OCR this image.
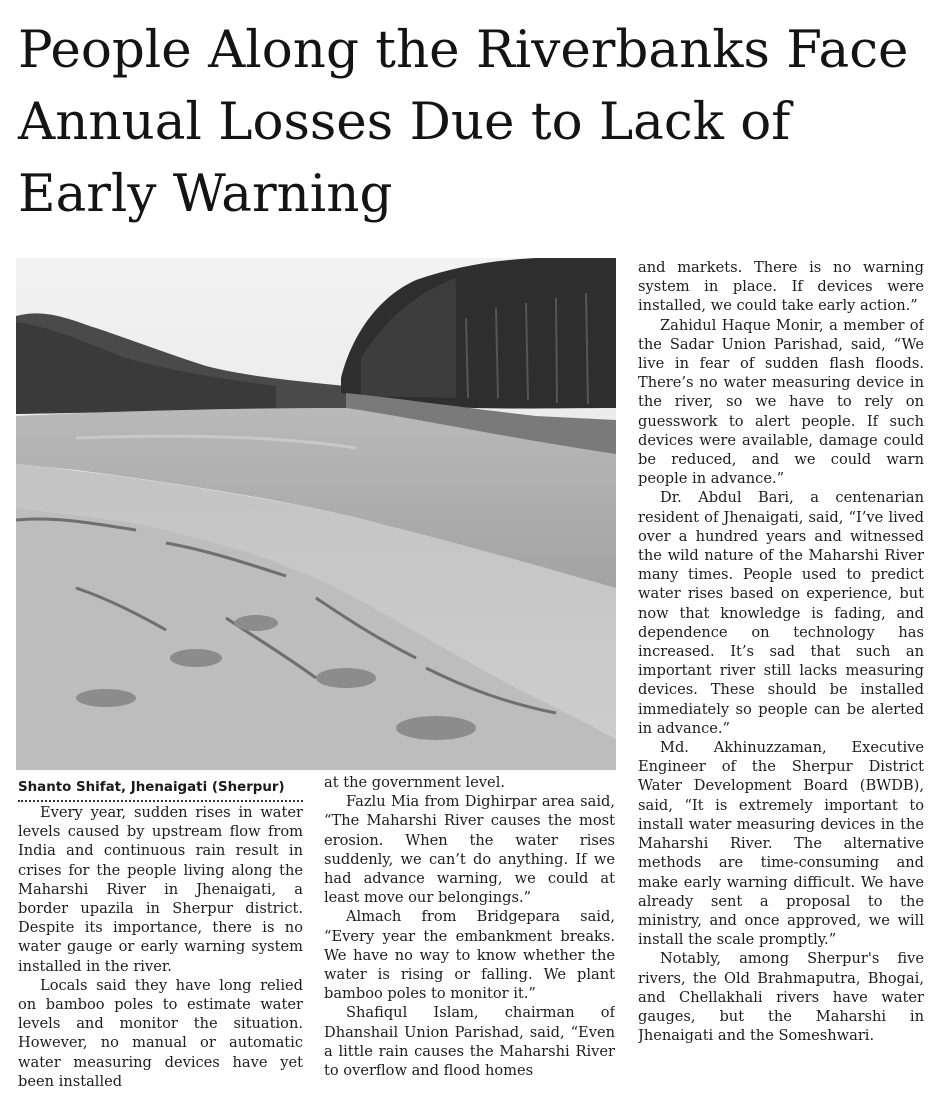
People Along the Riverbanks Face Annual Losses Due to Lack of Early Warning
Shanto Shifat, Jhenaigati (Sherpur)

Every year, sudden rises in water levels caused by upstream flow from India and continuous rain result in crises for the people living along the Maharshi River in Jhenaigati, a border upazila in Sherpur district. Despite its importance, there is no water gauge or early warning system installed in the river.

Locals said they have long relied on bamboo poles to estimate water levels and monitor the situation. However, no manual or automatic water measuring devices have yet been installed

at the government level.

Fazlu Mia from Dighirpar area said, “The Maharshi River causes the most erosion. When the water rises suddenly, we can’t do anything. If we had advance warning, we could at least move our belongings.”

Almach from Bridgepara said, “Every year the embankment breaks. We have no way to know whether the water is rising or falling. We plant bamboo poles to monitor it.”

Shafiqul Islam, chairman of Dhanshail Union Parishad, said, “Even a little rain causes the Maharshi River to overflow and flood homes

and markets. There is no warning system in place. If devices were installed, we could take early action.”

Zahidul Haque Monir, a member of the Sadar Union Parishad, said, “We live in fear of sudden flash floods. There’s no water measuring device in the river, so we have to rely on guesswork to alert people. If such devices were available, damage could be reduced, and we could warn people in advance.”

Dr. Abdul Bari, a centenarian resident of Jhenaigati, said, “I’ve lived over a hundred years and witnessed the wild nature of the Maharshi River many times. People used to predict water rises based on experience, but now that knowledge is fading, and dependence on technology has increased. It’s sad that such an important river still lacks measuring devices. These should be installed immediately so people can be alerted in advance.”

Md. Akhinuzzaman, Executive Engineer of the Sherpur District Water Development Board (BWDB), said, “It is extremely important to install water measuring devices in the Maharshi River. The alternative methods are time-consuming and make early warning difficult. We have already sent a proposal to the ministry, and once approved, we will install the scale promptly.”

Notably, among Sherpur's five rivers, the Old Brahmaputra, Bhogai, and Chellakhali rivers have water gauges, but the Maharshi in Jhenaigati and the Someshwari.
